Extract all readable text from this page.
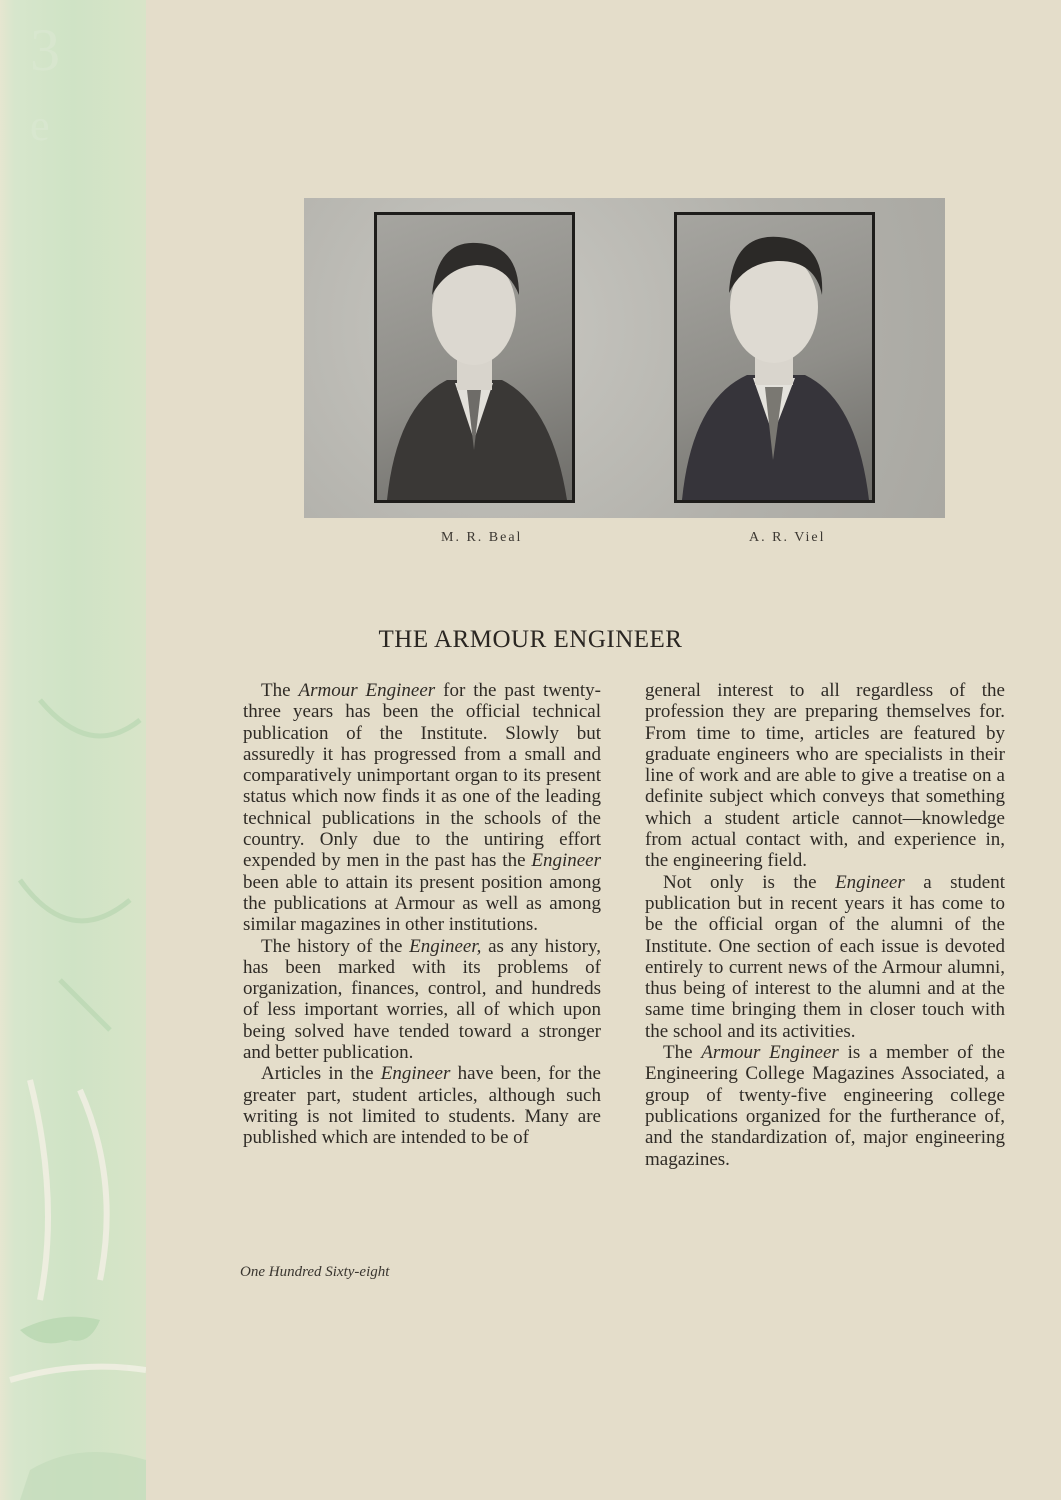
3
e
M. R. Beal	A. R. Viel
THE ARMOUR ENGINEER

The Armour Engineer for the past twenty-three years has been the official technical publication of the Institute. Slowly but assuredly it has progressed from a small and comparatively unimportant organ to its present status which now finds it as one of the leading technical publications in the schools of the country. Only due to the untiring effort expended by men in the past has the Engineer been able to attain its present position among the publications at Armour as well as among similar magazines in other institutions.

The history of the Engineer, as any history, has been marked with its problems of organization, finances, control, and hundreds of less important worries, all of which upon being solved have tended toward a stronger and better publication.

Articles in the Engineer have been, for the greater part, student articles, although such writing is not limited to students. Many are published which are intended to be of

general interest to all regardless of the profession they are preparing themselves for. From time to time, articles are featured by graduate engineers who are specialists in their line of work and are able to give a treatise on a definite subject which conveys that something which a student article cannot—knowledge from actual contact with, and experience in, the engineering field.

Not only is the Engineer a student publication but in recent years it has come to be the official organ of the alumni of the Institute. One section of each issue is devoted entirely to current news of the Armour alumni, thus being of interest to the alumni and at the same time bringing them in closer touch with the school and its activities.

The Armour Engineer is a member of the Engineering College Magazines Associated, a group of twenty-five engineering college publications organized for the furtherance of, and the standardization of, major engineering magazines.

One Hundred Sixty-eight
